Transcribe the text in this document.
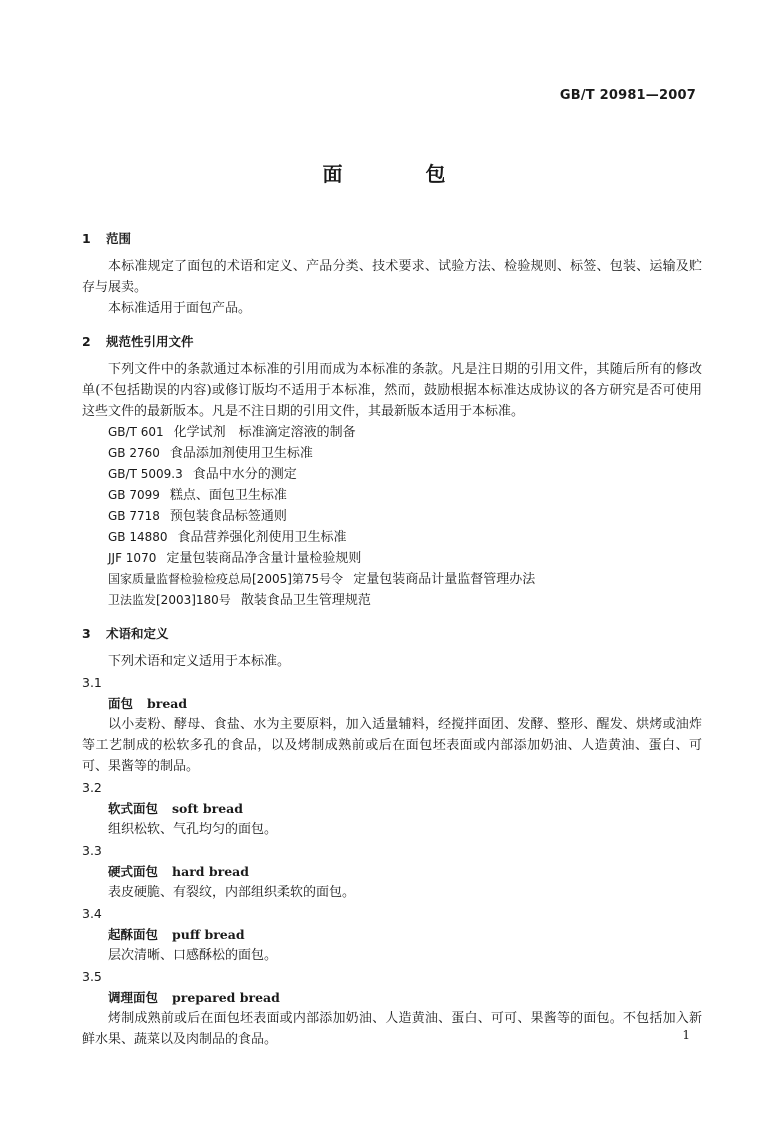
GB/T 20981—2007
面 包
1 范围
本标准规定了面包的术语和定义、产品分类、技术要求、试验方法、检验规则、标签、包装、运输及贮存与展卖。
本标准适用于面包产品。
2 规范性引用文件
下列文件中的条款通过本标准的引用而成为本标准的条款。凡是注日期的引用文件，其随后所有的修改单(不包括勘误的内容)或修订版均不适用于本标准，然而，鼓励根据本标准达成协议的各方研究是否可使用这些文件的最新版本。凡是不注日期的引用文件，其最新版本适用于本标准。
GB/T 601 化学试剂　标准滴定溶液的制备
GB 2760 食品添加剂使用卫生标准
GB/T 5009.3 食品中水分的测定
GB 7099 糕点、面包卫生标准
GB 7718 预包装食品标签通则
GB 14880 食品营养强化剂使用卫生标准
JJF 1070 定量包装商品净含量计量检验规则
国家质量监督检验检疫总局[2005]第75号令 定量包装商品计量监督管理办法
卫法监发[2003]180号 散装食品卫生管理规范
3 术语和定义
下列术语和定义适用于本标准。
3.1
面包 bread
以小麦粉、酵母、食盐、水为主要原料，加入适量辅料，经搅拌面团、发酵、整形、醒发、烘烤或油炸等工艺制成的松软多孔的食品，以及烤制成熟前或后在面包坯表面或内部添加奶油、人造黄油、蛋白、可可、果酱等的制品。
3.2
软式面包 soft bread
组织松软、气孔均匀的面包。
3.3
硬式面包 hard bread
表皮硬脆、有裂纹，内部组织柔软的面包。
3.4
起酥面包 puff bread
层次清晰、口感酥松的面包。
3.5
调理面包 prepared bread
烤制成熟前或后在面包坯表面或内部添加奶油、人造黄油、蛋白、可可、果酱等的面包。不包括加入新鲜水果、蔬菜以及肉制品的食品。	1
